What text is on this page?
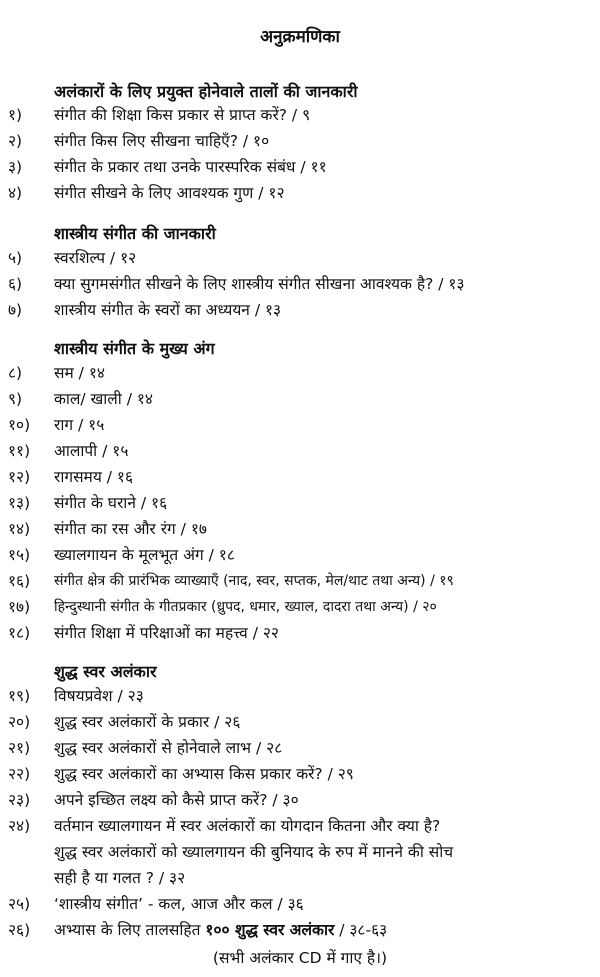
अनुक्रमणिका
अलंकारों के लिए प्रयुक्त होनेवाले तालों की जानकारी
१)	संगीत की शिक्षा किस प्रकार से प्राप्त करें? / ९
२)	संगीत किस लिए सीखना चाहिएँ? / १०
३)	संगीत के प्रकार तथा उनके पारस्परिक संबंध / ११
४)	संगीत सीखने के लिए आवश्यक गुण / १२
शास्त्रीय संगीत की जानकारी
५)	स्वरशिल्प / १२
६)	क्या सुगमसंगीत सीखने के लिए शास्त्रीय संगीत सीखना आवश्यक है? / १३
७)	शास्त्रीय संगीत के स्वरों का अध्ययन / १३
शास्त्रीय संगीत के मुख्य अंग
८)	सम / १४
९)	काल/ खाली / १४
१०)	राग / १५
११)	आलापी / १५
१२)	रागसमय / १६
१३)	संगीत के घराने / १६
१४)	संगीत का रस और रंग / १७
१५)	ख्यालगायन के मूलभूत अंग / १८
१६)	संगीत क्षेत्र की प्रारंभिक व्याख्याएँ (नाद, स्वर, सप्तक, मेल/थाट तथा अन्य) / १९
१७)	हिन्दुस्थानी संगीत के गीतप्रकार (ध्रुपद, धमार, ख्याल, दादरा तथा अन्य) / २०
१८)	संगीत शिक्षा में परिक्षाओं का महत्त्व / २२
शुद्ध स्वर अलंकार
१९)	विषयप्रवेश / २३
२०)	शुद्ध स्वर अलंकारों के प्रकार / २६
२१)	शुद्ध स्वर अलंकारों से होनेवाले लाभ / २८
२२)	शुद्ध स्वर अलंकारों का अभ्यास किस प्रकार करें? / २९
२३)	अपने इच्छित लक्ष्य को कैसे प्राप्त करें? / ३०
२४)	वर्तमान ख्यालगायन में स्वर अलंकारों का योगदान कितना और क्या है?
शुद्ध स्वर अलंकारों को ख्यालगायन की बुनियाद के रुप में मानने की सोच
सही है या गलत ? / ३२
२५)	‘शास्त्रीय संगीत’ - कल, आज और कल / ३६
२६)	अभ्यास के लिए तालसहित १०० शुद्ध स्वर अलंकार / ३८-६३
(सभी अलंकार CD में गाए है।)
